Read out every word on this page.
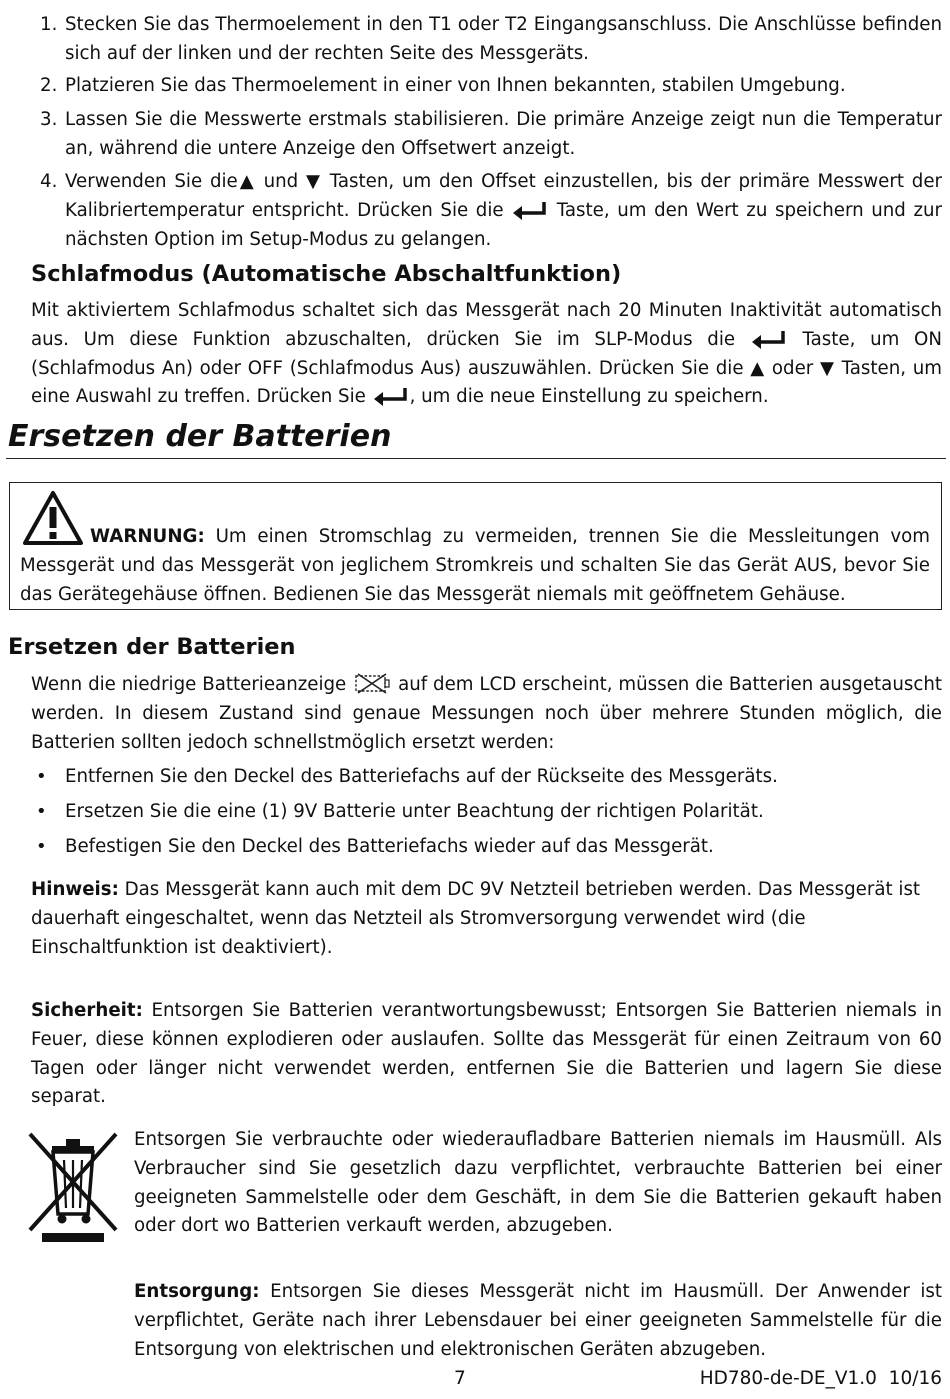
1. Stecken Sie das Thermoelement in den T1 oder T2 Eingangsanschluss. Die Anschlüsse befinden sich auf der linken und der rechten Seite des Messgeräts.

2. Platzieren Sie das Thermoelement in einer von Ihnen bekannten, stabilen Umgebung.

3. Lassen Sie die Messwerte erstmals stabilisieren. Die primäre Anzeige zeigt nun die Temperatur an, während die untere Anzeige den Offsetwert anzeigt.

4. Verwenden Sie die▲ und ▼ Tasten, um den Offset einzustellen, bis der primäre Messwert der Kalibriertemperatur entspricht. Drücken Sie die  Taste, um den Wert zu speichern und zur nächsten Option im Setup-Modus zu gelangen.

Schlafmodus (Automatische Abschaltfunktion)

Mit aktiviertem Schlafmodus schaltet sich das Messgerät nach 20 Minuten Inaktivität automatisch aus. Um diese Funktion abzuschalten, drücken Sie im SLP-Modus die  Taste, um ON (Schlafmodus An) oder OFF (Schlafmodus Aus) auszuwählen. Drücken Sie die ▲ oder ▼ Tasten, um eine Auswahl zu treffen. Drücken Sie , um die neue Einstellung zu speichern.

Ersetzen der Batterien

WARNUNG: Um einen Stromschlag zu vermeiden, trennen Sie die Messleitungen vom Messgerät und das Messgerät von jeglichem Stromkreis und schalten Sie das Gerät AUS, bevor Sie das Gerätegehäuse öffnen. Bedienen Sie das Messgerät niemals mit geöffnetem Gehäuse.

Ersetzen der Batterien

Wenn die niedrige Batterieanzeige  auf dem LCD erscheint, müssen die Batterien ausgetauscht werden. In diesem Zustand sind genaue Messungen noch über mehrere Stunden möglich, die Batterien sollten jedoch schnellstmöglich ersetzt werden:

• Entfernen Sie den Deckel des Batteriefachs auf der Rückseite des Messgeräts.

• Ersetzen Sie die eine (1) 9V Batterie unter Beachtung der richtigen Polarität.

• Befestigen Sie den Deckel des Batteriefachs wieder auf das Messgerät.

Hinweis: Das Messgerät kann auch mit dem DC 9V Netzteil betrieben werden. Das Messgerät ist dauerhaft eingeschaltet, wenn das Netzteil als Stromversorgung verwendet wird (die Einschaltfunktion ist deaktiviert).

Sicherheit: Entsorgen Sie Batterien verantwortungsbewusst; Entsorgen Sie Batterien niemals in Feuer, diese können explodieren oder auslaufen. Sollte das Messgerät für einen Zeitraum von 60 Tagen oder länger nicht verwendet werden, entfernen Sie die Batterien und lagern Sie diese separat.

Entsorgen Sie verbrauchte oder wiederaufladbare Batterien niemals im Hausmüll. Als Verbraucher sind Sie gesetzlich dazu verpflichtet, verbrauchte Batterien bei einer geeigneten Sammelstelle oder dem Geschäft, in dem Sie die Batterien gekauft haben oder dort wo Batterien verkauft werden, abzugeben.

Entsorgung: Entsorgen Sie dieses Messgerät nicht im Hausmüll. Der Anwender ist verpflichtet, Geräte nach ihrer Lebensdauer bei einer geeigneten Sammelstelle für die Entsorgung von elektrischen und elektronischen Geräten abzugeben.

7	HD780-de-DE_V1.0  10/16
